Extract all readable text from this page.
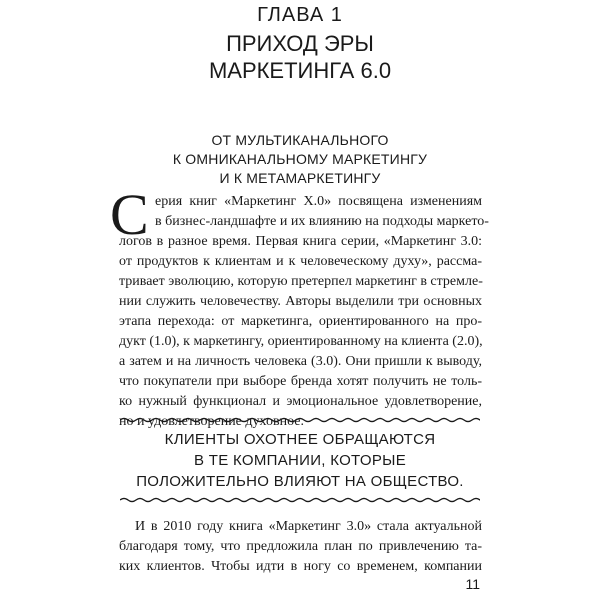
ГЛАВА 1
ПРИХОД ЭРЫ
МАРКЕТИНГА 6.0
ОТ МУЛЬТИКАНАЛЬНОГО
К ОМНИКАНАЛЬНОМУ МАРКЕТИНГУ
И К МЕТАМАРКЕТИНГУ
С ерия книг «Маркетинг X.0» посвящена изменениям
в бизнес-ландшафте и их влиянию на подходы маркето-
логов в разное время. Первая книга серии, «Маркетинг 3.0:
от продуктов к клиентам и к человеческому духу», рассма-
тривает эволюцию, которую претерпел маркетинг в стремле-
нии служить человечеству. Авторы выделили три основных
этапа перехода: от маркетинга, ориентированного на про-
дукт (1.0), к маркетингу, ориентированному на клиента (2.0),
а затем и на личность человека (3.0). Они пришли к выводу,
что покупатели при выборе бренда хотят получить не толь-
ко нужный функционал и эмоциональное удовлетворение,
но и удовлетворение духовное.
КЛИЕНТЫ ОХОТНЕЕ ОБРАЩАЮТСЯ
В ТЕ КОМПАНИИ, КОТОРЫЕ
ПОЛОЖИТЕЛЬНО ВЛИЯЮТ НА ОБЩЕСТВО.
И в 2010 году книга «Маркетинг 3.0» стала актуальной
благодаря тому, что предложила план по привлечению та-
ких клиентов. Чтобы идти в ногу со временем, компании
11
